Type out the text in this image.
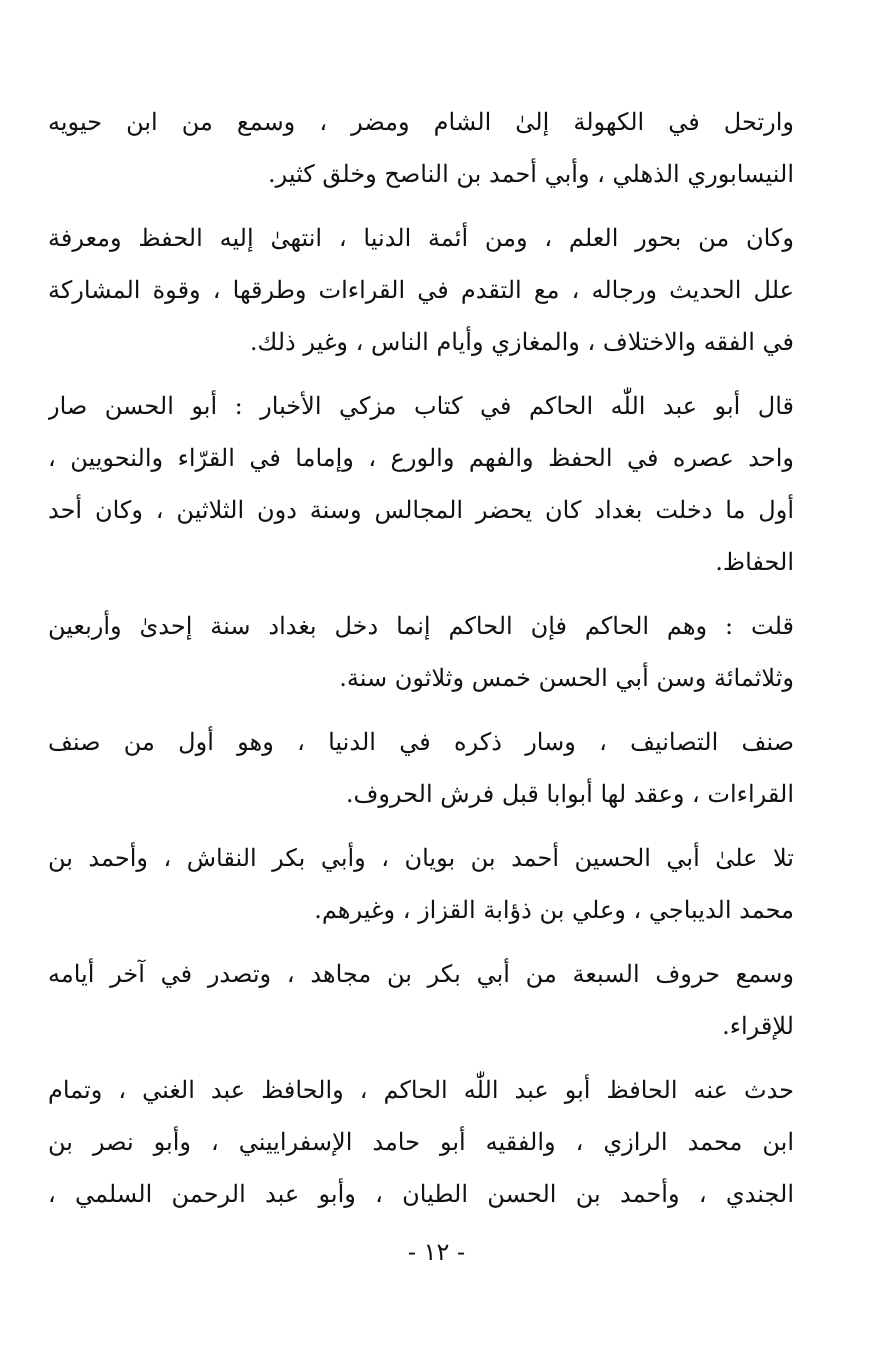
وارتحل في الكهولة إلىٰ الشام ومضر ، وسمع من ابن حيويه
النيسابوري الذهلي ، وأبي أحمد بن الناصح وخلق كثير.

وكان من بحور العلم ، ومن أئمة الدنيا ، انتهىٰ إليه الحفظ ومعرفة
علل الحديث ورجاله ، مع التقدم في القراءات وطرقها ، وقوة المشاركة
في الفقه والاختلاف ، والمغازي وأيام الناس ، وغير ذلك.

قال أبو عبد اللّٰه الحاكم في كتاب مزكي الأخبار : أبو الحسن صار
واحد عصره في الحفظ والفهم والورع ، وإماما في القرّاء والنحويين ،
أول ما دخلت بغداد كان يحضر المجالس وسنة دون الثلاثين ، وكان أحد
الحفاظ.

قلت : وهم الحاكم فإن الحاكم إنما دخل بغداد سنة إحدىٰ وأربعين
وثلاثمائة وسن أبي الحسن خمس وثلاثون سنة.

صنف التصانيف ، وسار ذكره في الدنيا ، وهو أول من صنف
القراءات ، وعقد لها أبوابا قبل فرش الحروف.

تلا علىٰ أبي الحسين أحمد بن بويان ، وأبي بكر النقاش ، وأحمد بن
محمد الديباجي ، وعلي بن ذؤابة القزاز ، وغيرهم.

وسمع حروف السبعة من أبي بكر بن مجاهد ، وتصدر في آخر أيامه
للإقراء.

حدث عنه الحافظ أبو عبد اللّٰه الحاكم ، والحافظ عبد الغني ، وتمام
ابن محمد الرازي ، والفقيه أبو حامد الإسفراييني ، وأبو نصر بن
الجندي ، وأحمد بن الحسن الطيان ، وأبو عبد الرحمن السلمي ،

- ١٢ -
